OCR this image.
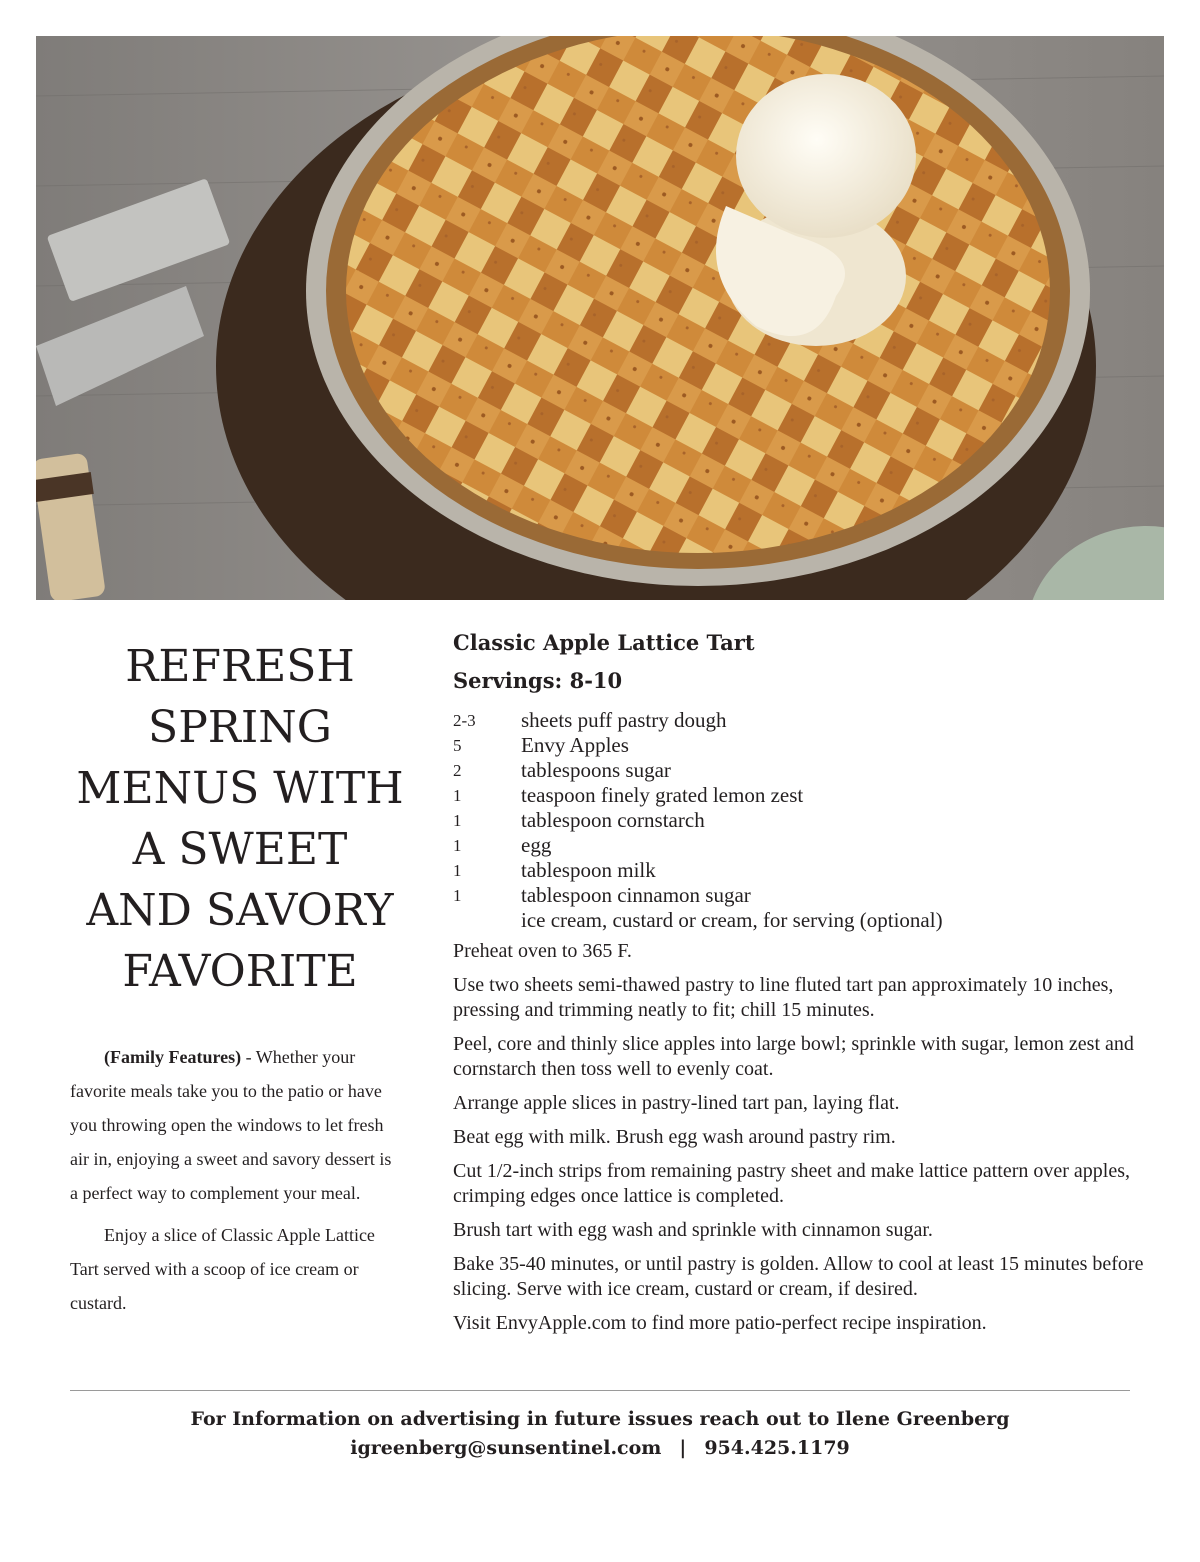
REFRESH
SPRING
MENUS WITH
A SWEET
AND SAVORY
FAVORITE

(Family Features) - Whether your favorite meals take you to the patio or have you throwing open the windows to let fresh air in, enjoying a sweet and savory dessert is a perfect way to complement your meal.

Enjoy a slice of Classic Apple Lattice Tart served with a scoop of ice cream or custard.

Classic Apple Lattice Tart
Servings: 8-10
2-3	sheets puff pastry dough
5	Envy Apples
2	tablespoons sugar
1	teaspoon finely grated lemon zest
1	tablespoon cornstarch
1	egg
1	tablespoon milk
1	tablespoon cinnamon sugar
ice cream, custard or cream, for serving (optional)

Preheat oven to 365 F.

Use two sheets semi-thawed pastry to line fluted tart pan approximately 10 inches, pressing and trimming neatly to fit; chill 15 minutes.

Peel, core and thinly slice apples into large bowl; sprinkle with sugar, lemon zest and cornstarch then toss well to evenly coat.

Arrange apple slices in pastry-lined tart pan, laying flat.

Beat egg with milk. Brush egg wash around pastry rim.

Cut 1/2-inch strips from remaining pastry sheet and make lattice pattern over apples, crimping edges once lattice is completed.

Brush tart with egg wash and sprinkle with cinnamon sugar.

Bake 35-40 minutes, or until pastry is golden. Allow to cool at least 15 minutes before slicing. Serve with ice cream, custard or cream, if desired.

Visit EnvyApple.com to find more patio-perfect recipe inspiration.

For Information on advertising in future issues reach out to Ilene Greenberg
igreenberg@sunsentinel.com | 954.425.1179
